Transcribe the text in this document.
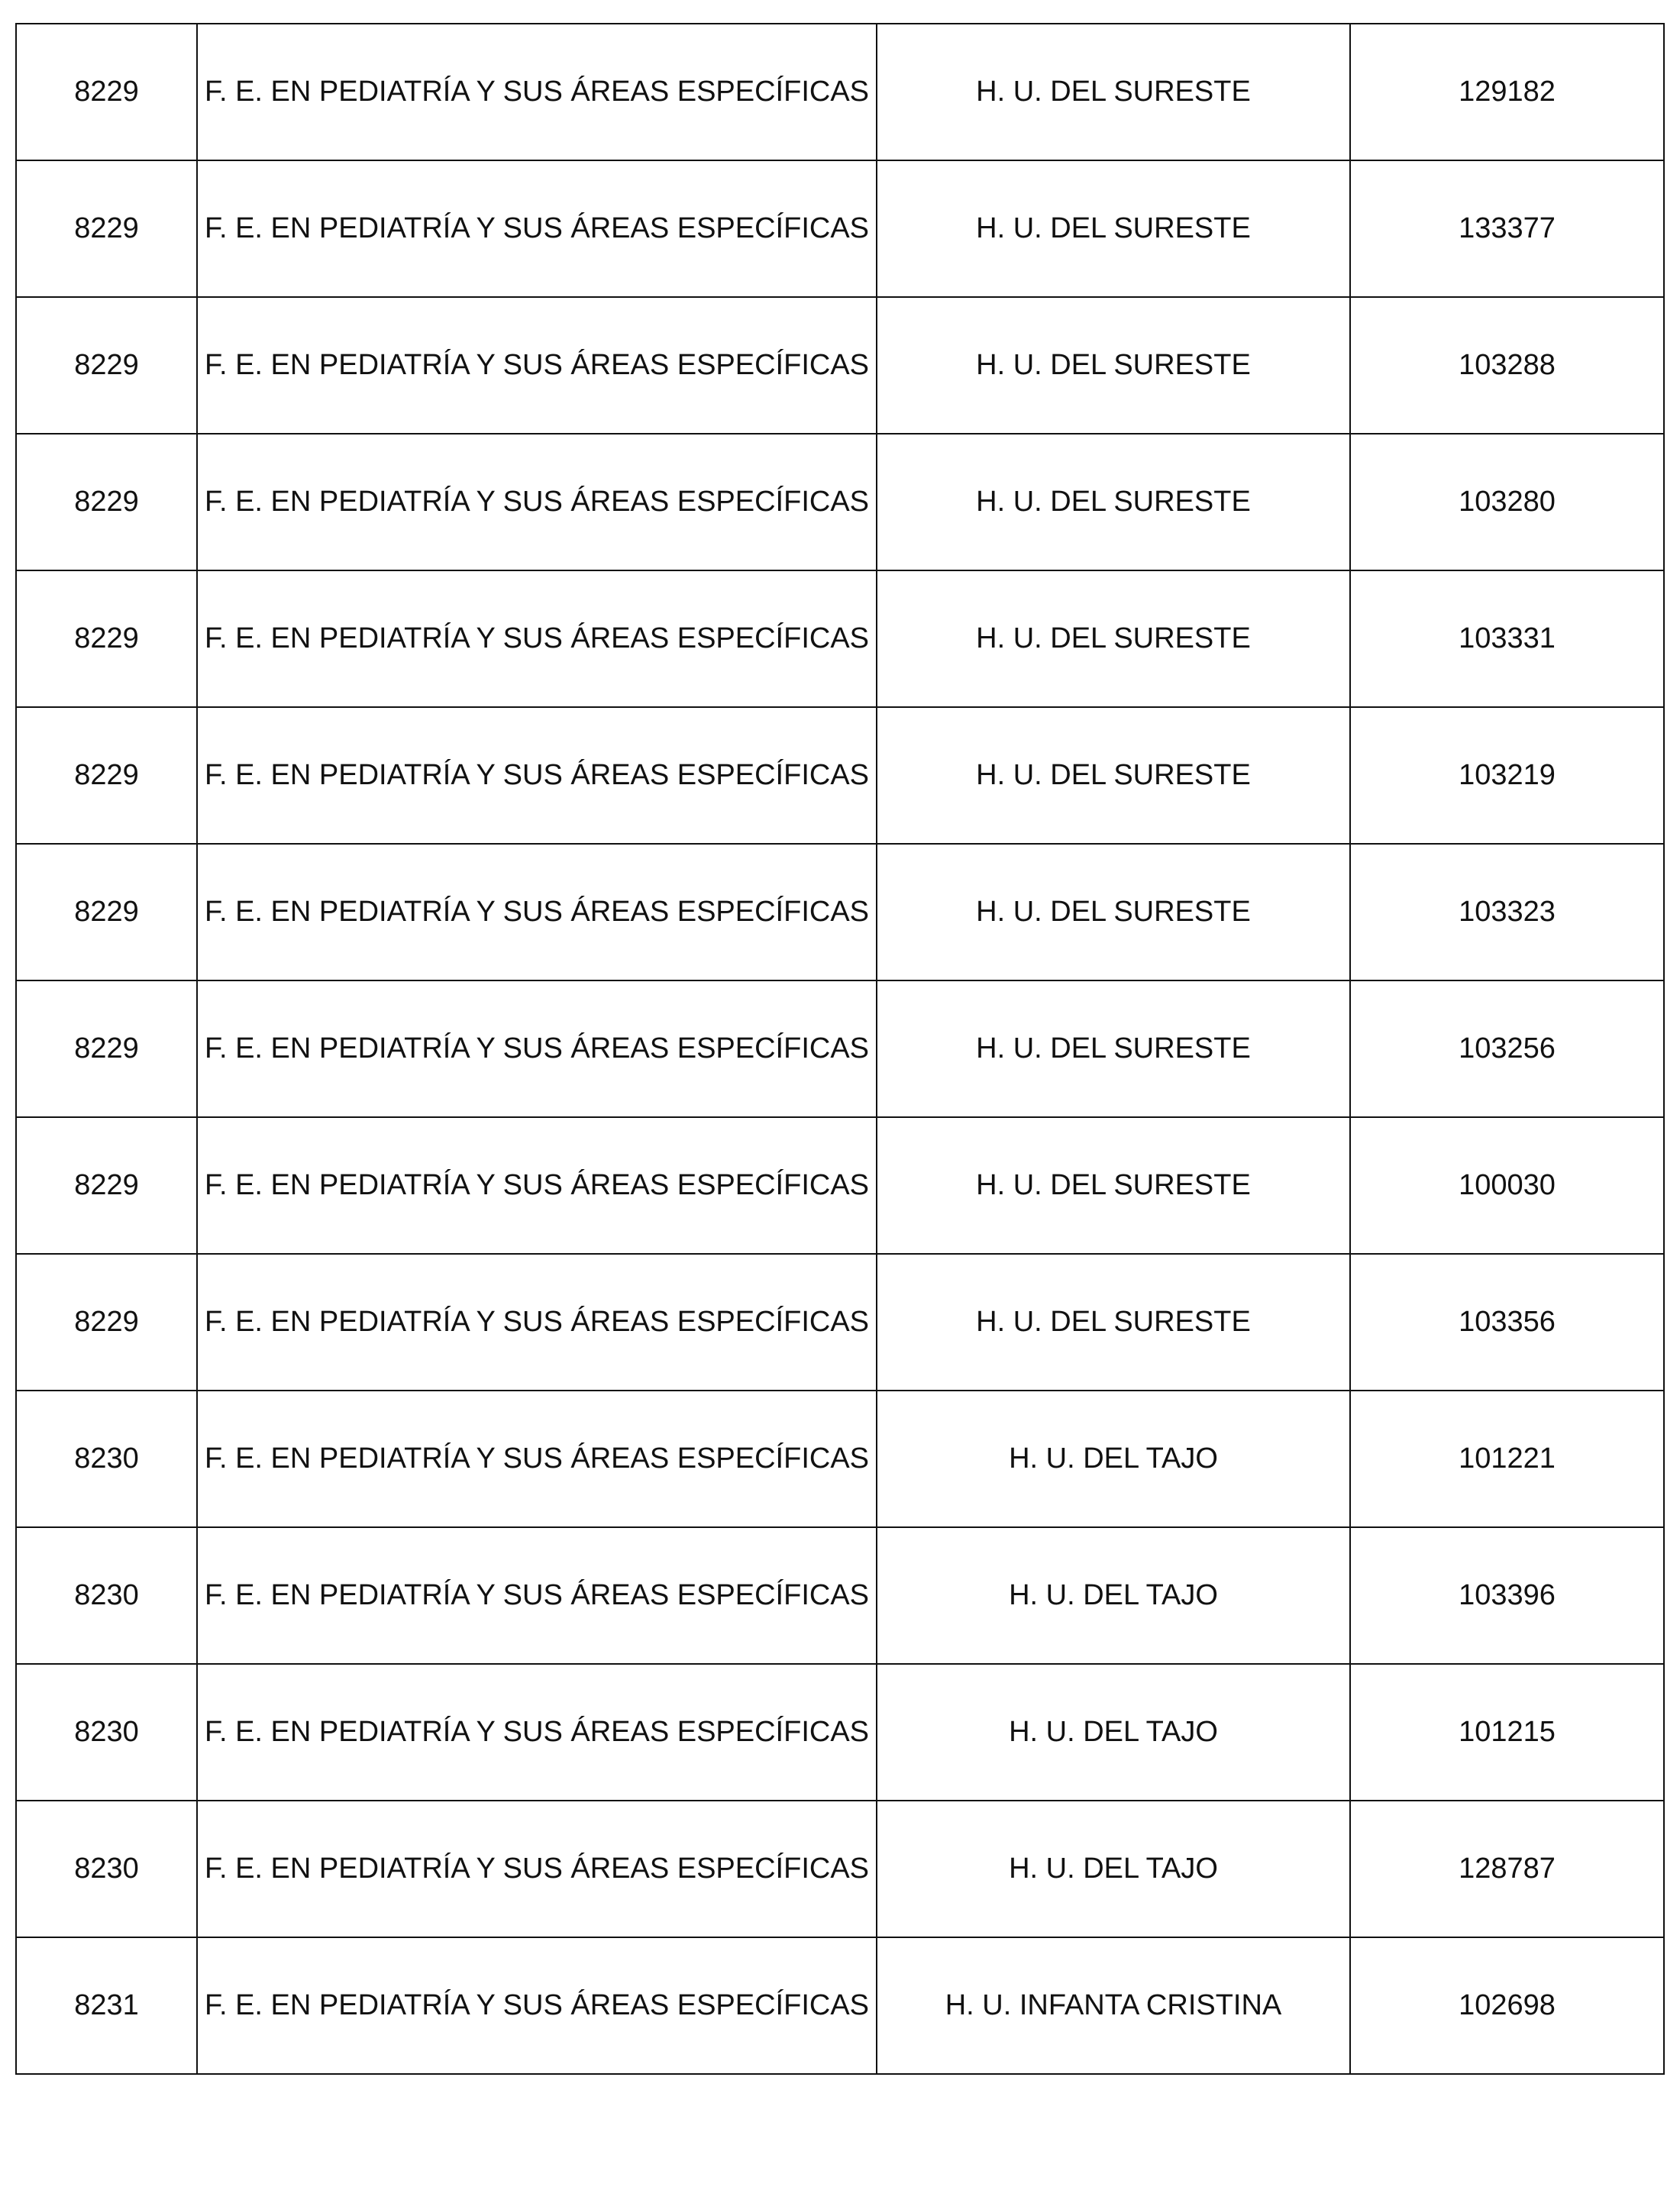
8229	F. E. EN PEDIATRÍA Y SUS ÁREAS ESPECÍFICAS	H. U. DEL SURESTE	129182
8229	F. E. EN PEDIATRÍA Y SUS ÁREAS ESPECÍFICAS	H. U. DEL SURESTE	133377
8229	F. E. EN PEDIATRÍA Y SUS ÁREAS ESPECÍFICAS	H. U. DEL SURESTE	103288
8229	F. E. EN PEDIATRÍA Y SUS ÁREAS ESPECÍFICAS	H. U. DEL SURESTE	103280
8229	F. E. EN PEDIATRÍA Y SUS ÁREAS ESPECÍFICAS	H. U. DEL SURESTE	103331
8229	F. E. EN PEDIATRÍA Y SUS ÁREAS ESPECÍFICAS	H. U. DEL SURESTE	103219
8229	F. E. EN PEDIATRÍA Y SUS ÁREAS ESPECÍFICAS	H. U. DEL SURESTE	103323
8229	F. E. EN PEDIATRÍA Y SUS ÁREAS ESPECÍFICAS	H. U. DEL SURESTE	103256
8229	F. E. EN PEDIATRÍA Y SUS ÁREAS ESPECÍFICAS	H. U. DEL SURESTE	100030
8229	F. E. EN PEDIATRÍA Y SUS ÁREAS ESPECÍFICAS	H. U. DEL SURESTE	103356
8230	F. E. EN PEDIATRÍA Y SUS ÁREAS ESPECÍFICAS	H. U. DEL TAJO	101221
8230	F. E. EN PEDIATRÍA Y SUS ÁREAS ESPECÍFICAS	H. U. DEL TAJO	103396
8230	F. E. EN PEDIATRÍA Y SUS ÁREAS ESPECÍFICAS	H. U. DEL TAJO	101215
8230	F. E. EN PEDIATRÍA Y SUS ÁREAS ESPECÍFICAS	H. U. DEL TAJO	128787
8231	F. E. EN PEDIATRÍA Y SUS ÁREAS ESPECÍFICAS	H. U. INFANTA CRISTINA	102698
